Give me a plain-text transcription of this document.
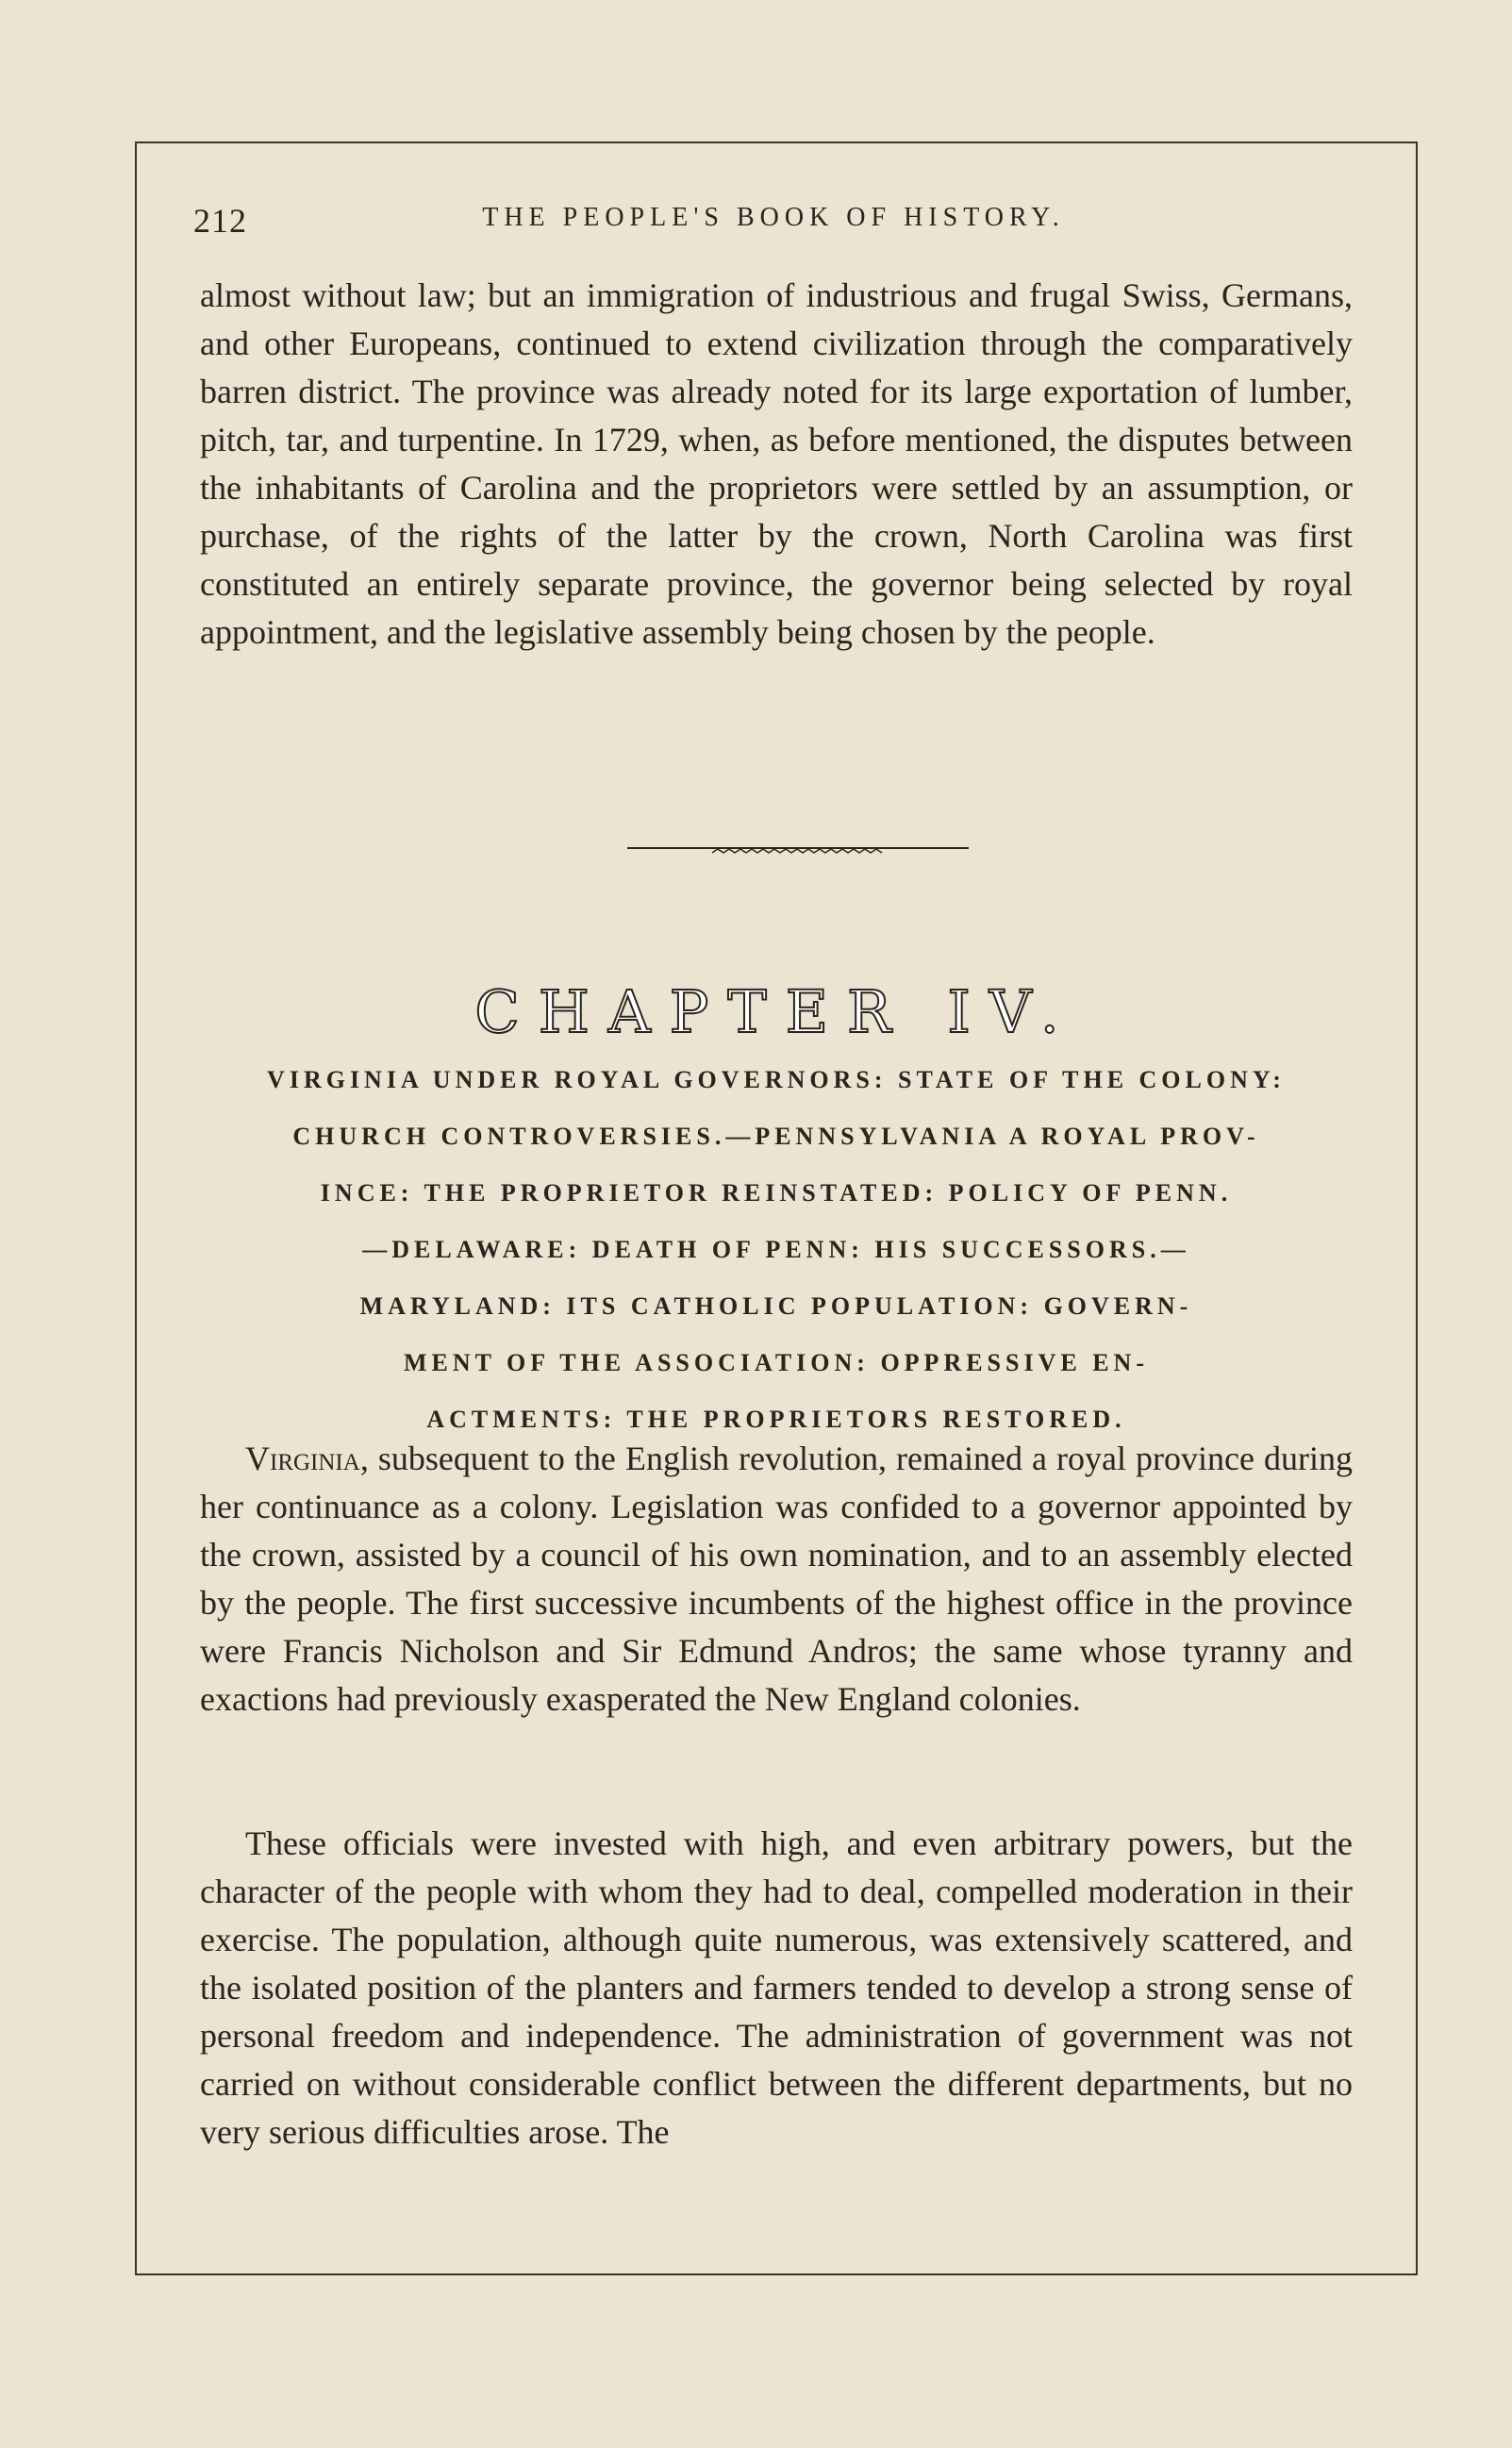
212	THE PEOPLE'S BOOK OF HISTORY.

almost without law; but an immigration of industrious and frugal Swiss, Germans, and other Europeans, continued to extend civilization through the comparatively barren district. The province was already noted for its large exportation of lumber, pitch, tar, and turpentine. In 1729, when, as before mentioned, the disputes between the inhabitants of Carolina and the proprietors were settled by an assumption, or purchase, of the rights of the latter by the crown, North Carolina was first constituted an entirely separate province, the governor being selected by royal appointment, and the legislative assembly being chosen by the people.

CHAPTER IV.
VIRGINIA UNDER ROYAL GOVERNORS: STATE OF THE COLONY:
CHURCH CONTROVERSIES.—PENNSYLVANIA A ROYAL PROV-
INCE: THE PROPRIETOR REINSTATED: POLICY OF PENN.
—DELAWARE: DEATH OF PENN: HIS SUCCESSORS.—
MARYLAND: ITS CATHOLIC POPULATION: GOVERN-
MENT OF THE ASSOCIATION: OPPRESSIVE EN-
ACTMENTS: THE PROPRIETORS RESTORED.

Virginia, subsequent to the English revolution, remained a royal province during her continuance as a colony. Legislation was confided to a governor appointed by the crown, assisted by a council of his own nomination, and to an assembly elected by the people. The first successive incumbents of the highest office in the province were Francis Nicholson and Sir Edmund Andros; the same whose tyranny and exactions had previously exasperated the New England colonies.

These officials were invested with high, and even arbitrary powers, but the character of the people with whom they had to deal, compelled moderation in their exercise. The population, although quite numerous, was extensively scattered, and the isolated position of the planters and farmers tended to develop a strong sense of personal freedom and independence. The administration of government was not carried on without considerable conflict between the different departments, but no very serious difficulties arose. The
